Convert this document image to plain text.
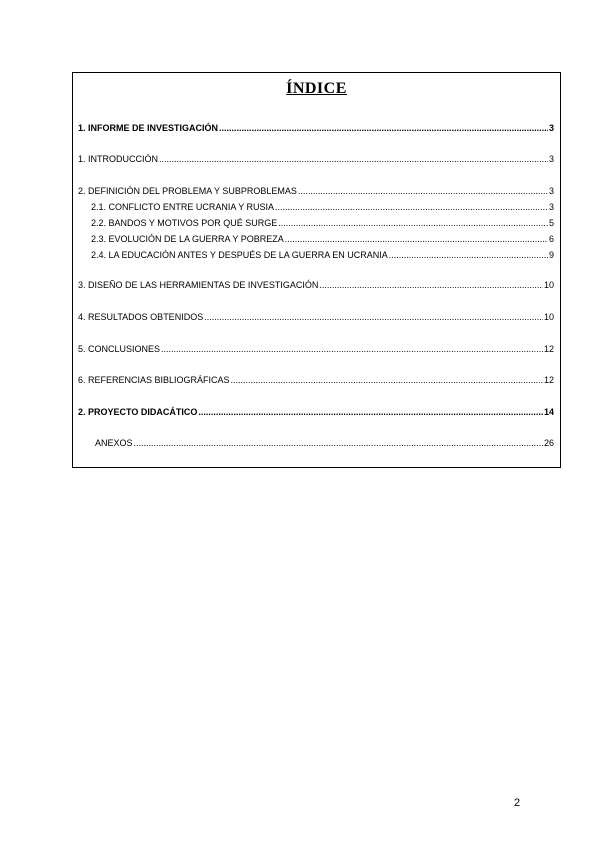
ÍNDICE
1. INFORME DE INVESTIGACIÓN .....	3
1. INTRODUCCIÓN .....	3
2. DEFINICIÓN DEL PROBLEMA Y SUBPROBLEMAS .....	3
2.1. CONFLICTO ENTRE UCRANIA Y RUSIA .....	3
2.2. BANDOS Y MOTIVOS POR QUÉ SURGE .....	5
2.3. EVOLUCIÓN DE LA GUERRA Y POBREZA .....	6
2.4. LA EDUCACIÓN ANTES Y DESPUÉS DE LA GUERRA EN UCRANIA .....	9
3. DISEÑO DE LAS HERRAMIENTAS DE INVESTIGACIÓN .....	10
4. RESULTADOS OBTENIDOS .....	10
5. CONCLUSIONES .....	12
6. REFERENCIAS BIBLIOGRÁFICAS .....	12
2. PROYECTO DIDACÁTICO .....	14
ANEXOS .....	26
2
